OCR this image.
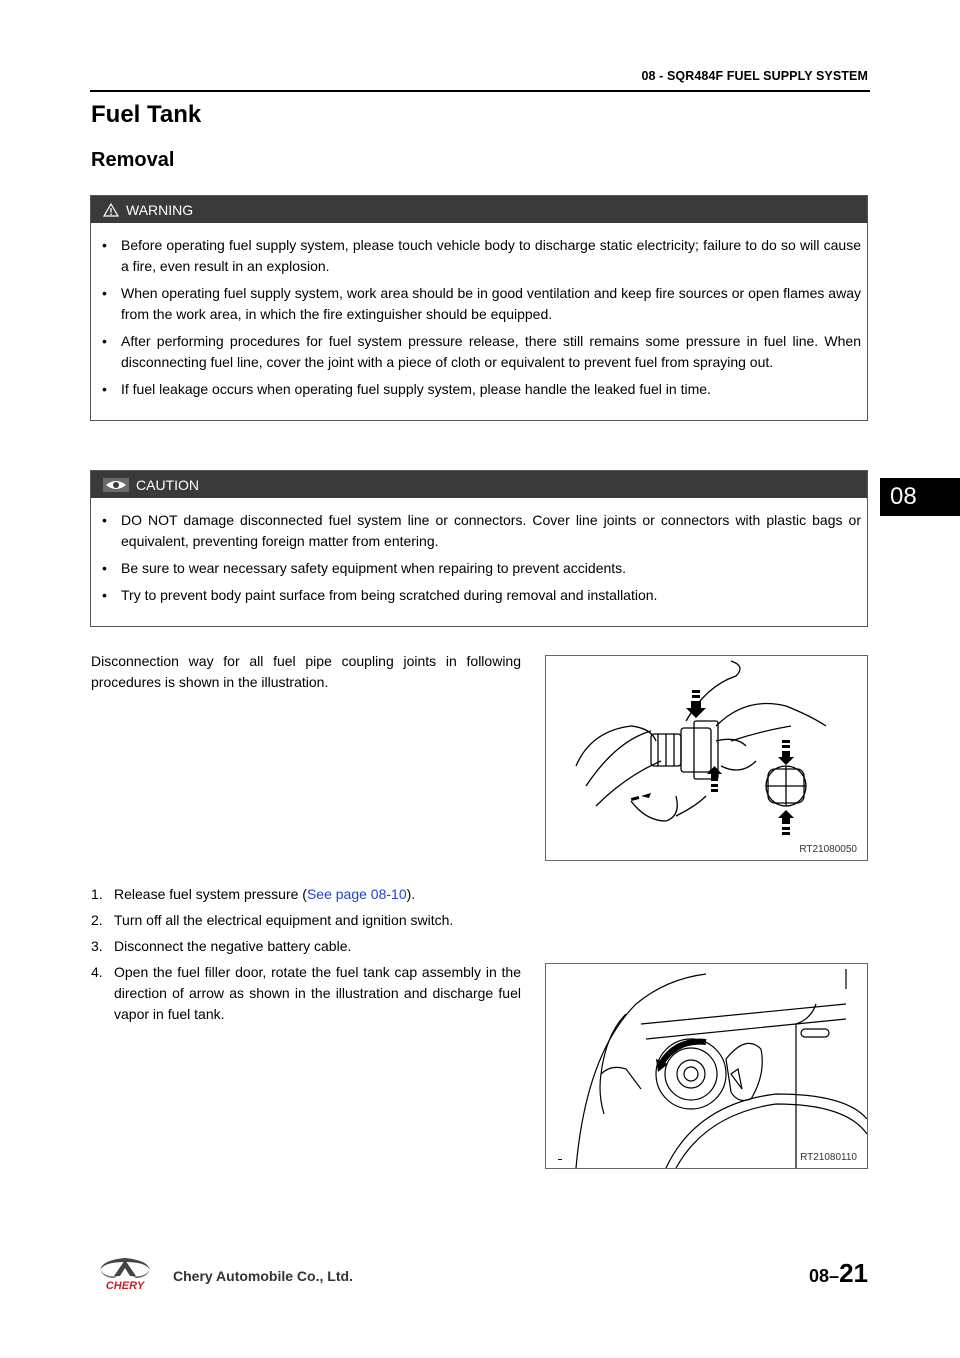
08 - SQR484F FUEL SUPPLY SYSTEM
Fuel Tank
Removal
WARNING
• Before operating fuel supply system, please touch vehicle body to discharge static electricity; failure to do so will cause a fire, even result in an explosion.
• When operating fuel supply system, work area should be in good ventilation and keep fire sources or open flames away from the work area, in which the fire extinguisher should be equipped.
• After performing procedures for fuel system pressure release, there still remains some pressure in fuel line. When disconnecting fuel line, cover the joint with a piece of cloth or equivalent to prevent fuel from spraying out.
• If fuel leakage occurs when operating fuel supply system, please handle the leaked fuel in time.
CAUTION
• DO NOT damage disconnected fuel system line or connectors. Cover line joints or connectors with plastic bags or equivalent, preventing foreign matter from entering.
• Be sure to wear necessary safety equipment when repairing to prevent accidents.
• Try to prevent body paint surface from being scratched during removal and installation.
Disconnection way for all fuel pipe coupling joints in following procedures is shown in the illustration.
RT21080050
1. Release fuel system pressure (See page 08-10).
2. Turn off all the electrical equipment and ignition switch.
3. Disconnect the negative battery cable.
4. Open the fuel filler door, rotate the fuel tank cap assembly in the direction of arrow as shown in the illustration and discharge fuel vapor in fuel tank.
RT21080110
08
CHERY
Chery Automobile Co., Ltd.	08–21
